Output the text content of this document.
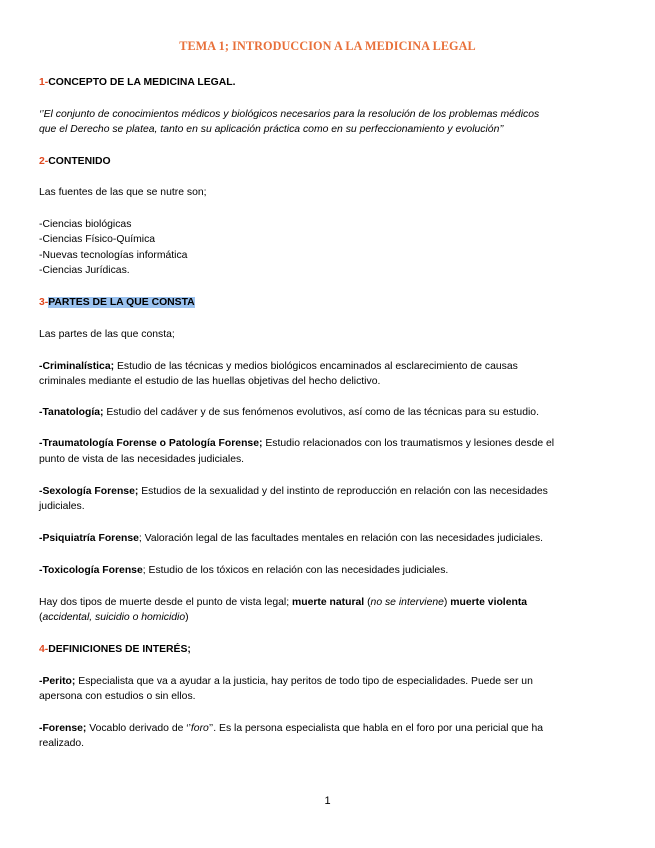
TEMA 1; INTRODUCCION A LA MEDICINA LEGAL
1-CONCEPTO DE LA MEDICINA LEGAL.
‘’El conjunto de conocimientos médicos y biológicos necesarios para la resolución de los problemas médicos
que el Derecho se platea, tanto en su aplicación práctica como en su perfeccionamiento y evolución’’
2-CONTENIDO
Las fuentes de las que se nutre son;
-Ciencias biológicas
-Ciencias Físico-Química
-Nuevas tecnologías informática
-Ciencias Jurídicas.
3-PARTES DE LA QUE CONSTA
Las partes de las que consta;
-Criminalística; Estudio de las técnicas y medios biológicos encaminados al esclarecimiento de causas
criminales mediante el estudio de las huellas objetivas del hecho delictivo.
-Tanatología; Estudio del cadáver y de sus fenómenos evolutivos, así como de las técnicas para su estudio.
-Traumatología Forense o Patología Forense; Estudio relacionados con los traumatismos y lesiones desde el
punto de vista de las necesidades judiciales.
-Sexología Forense; Estudios de la sexualidad y del instinto de reproducción en relación con las necesidades
judiciales.
-Psiquiatría Forense; Valoración legal de las facultades mentales en relación con las necesidades judiciales.
-Toxicología Forense; Estudio de los tóxicos en relación con las necesidades judiciales.
Hay dos tipos de muerte desde el punto de vista legal; muerte natural (no se interviene) muerte violenta
(accidental, suicidio o homicidio)
4-DEFINICIONES DE INTERÉS;
-Perito; Especialista que va a ayudar a la justicia, hay peritos de todo tipo de especialidades. Puede ser un
apersona con estudios o sin ellos.
-Forense; Vocablo derivado de ‘’foro’’. Es la persona especialista que habla en el foro por una pericial que ha
realizado.
1
